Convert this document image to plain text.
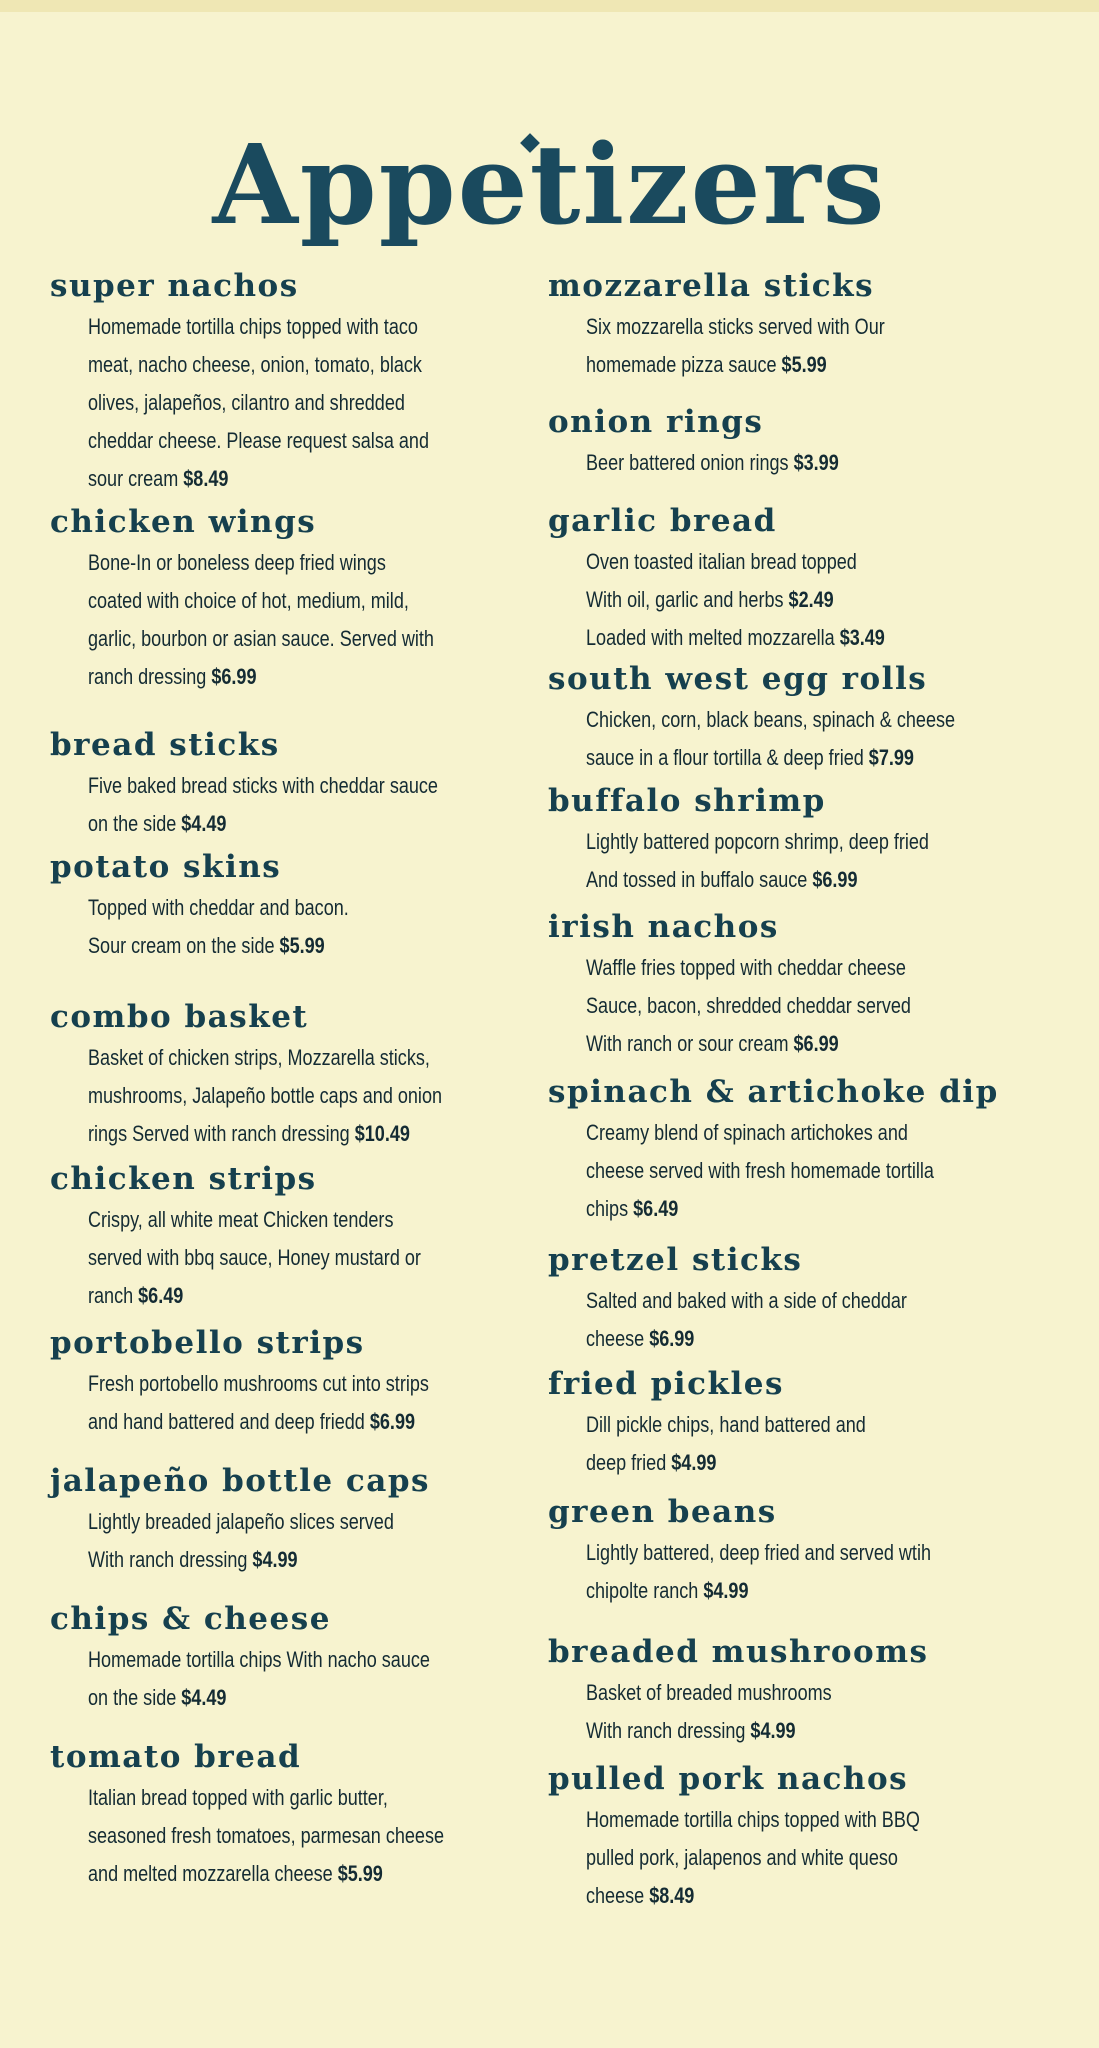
Appetizers
super nachos
Homemade tortilla chips topped with taco
meat, nacho cheese, onion, tomato, black
olives, jalapeños, cilantro and shredded
cheddar cheese. Please request salsa and
sour cream $8.49
chicken wings
Bone-In or boneless deep fried wings
coated with choice of hot, medium, mild,
garlic, bourbon or asian sauce. Served with
ranch dressing $6.99
bread sticks
Five baked bread sticks with cheddar sauce
on the side $4.49
potato skins
Topped with cheddar and bacon.
Sour cream on the side $5.99
combo basket
Basket of chicken strips, Mozzarella sticks,
mushrooms, Jalapeño bottle caps and onion
rings Served with ranch dressing $10.49
chicken strips
Crispy, all white meat Chicken tenders
served with bbq sauce, Honey mustard or
ranch $6.49
portobello strips
Fresh portobello mushrooms cut into strips
and hand battered and deep friedd $6.99
jalapeño bottle caps
Lightly breaded jalapeño slices served
With ranch dressing $4.99
chips & cheese
Homemade tortilla chips With nacho sauce
on the side $4.49
tomato bread
Italian bread topped with garlic butter,
seasoned fresh tomatoes, parmesan cheese
and melted mozzarella cheese $5.99
mozzarella sticks
Six mozzarella sticks served with Our
homemade pizza sauce $5.99
onion rings
Beer battered onion rings $3.99
garlic bread
Oven toasted italian bread topped
With oil, garlic and herbs $2.49
Loaded with melted mozzarella $3.49
south west egg rolls
Chicken, corn, black beans, spinach & cheese
sauce in a flour tortilla & deep fried $7.99
buffalo shrimp
Lightly battered popcorn shrimp, deep fried
And tossed in buffalo sauce $6.99
irish nachos
Waffle fries topped with cheddar cheese
Sauce, bacon, shredded cheddar served
With ranch or sour cream $6.99
spinach & artichoke dip
Creamy blend of spinach artichokes and
cheese served with fresh homemade tortilla
chips $6.49
pretzel sticks
Salted and baked with a side of cheddar
cheese $6.99
fried pickles
Dill pickle chips, hand battered and
deep fried $4.99
green beans
Lightly battered, deep fried and served wtih
chipolte ranch $4.99
breaded mushrooms
Basket of breaded mushrooms
With ranch dressing $4.99
pulled pork nachos
Homemade tortilla chips topped with BBQ
pulled pork, jalapenos and white queso
cheese $8.49
